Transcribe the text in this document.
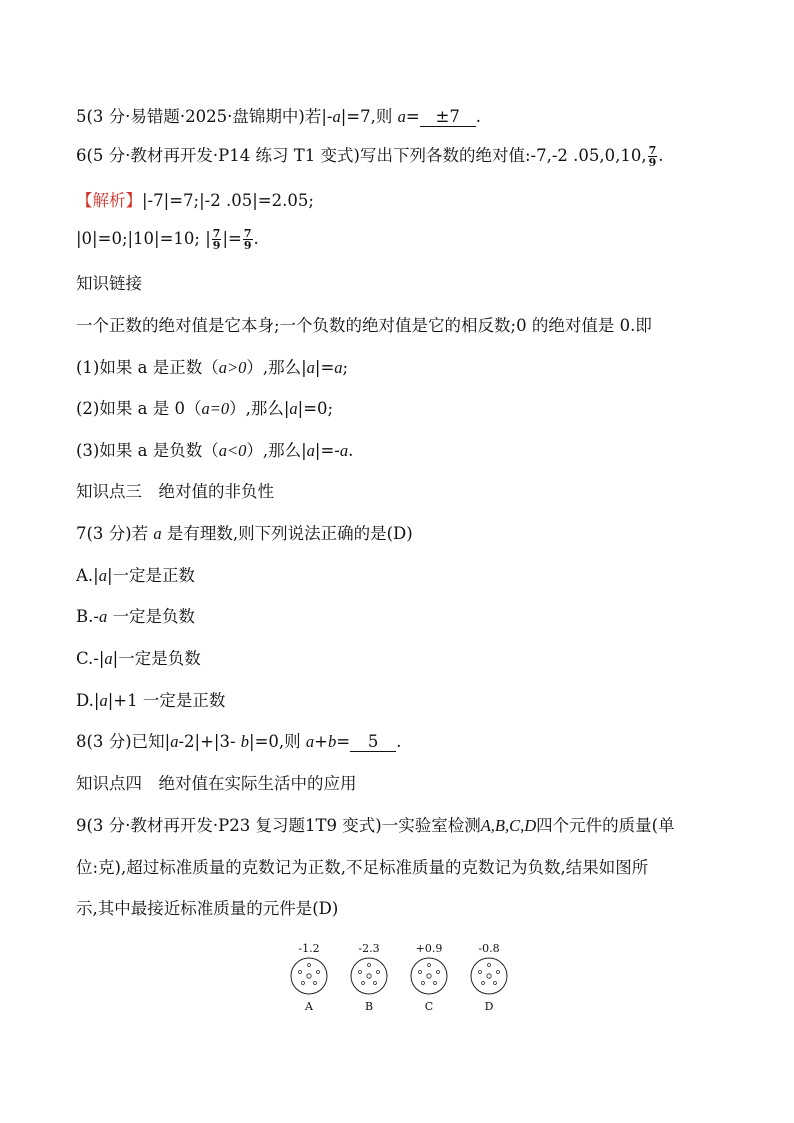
5(3 分·易错题·2025·盘锦期中)若|-a|=7,则 a= ±7 .
6(5 分·教材再开发·P14 练习 T1 变式)写出下列各数的绝对值:-7,-2 .05,0,10, $\frac{7}{9}$ .
【解析】|-7|=7;|-2 .05|=2.05;
|0|=0;|10|=10; | $\frac{7}{9}$ |= $\frac{7}{9}$ .
知识链接
一个正数的绝对值是它本身;一个负数的绝对值是它的相反数;0 的绝对值是 0.即
(1)如果 a 是正数（a>0）,那么|a|=a;
(2)如果 a 是 0（a=0）,那么|a|=0;
(3)如果 a 是负数（a<0）,那么|a|=-a.
知识点三　绝对值的非负性
7(3 分)若 a 是有理数,则下列说法正确的是(D)
A.|a|一定是正数
B.-a 一定是负数
C.-|a|一定是负数
D.|a|+1 一定是正数
8(3 分)已知|a-2|+|3- b|=0,则 a+b= 5 .
知识点四　绝对值在实际生活中的应用
9(3 分·教材再开发·P23 复习题1T9 变式)一实验室检测A,B,C,D四个元件的质量(单
位:克),超过标准质量的克数记为正数,不足标准质量的克数记为负数,结果如图所
示,其中最接近标准质量的元件是(D)
-1.2
A
-2.3
B
+0.9
C
-0.8
D
